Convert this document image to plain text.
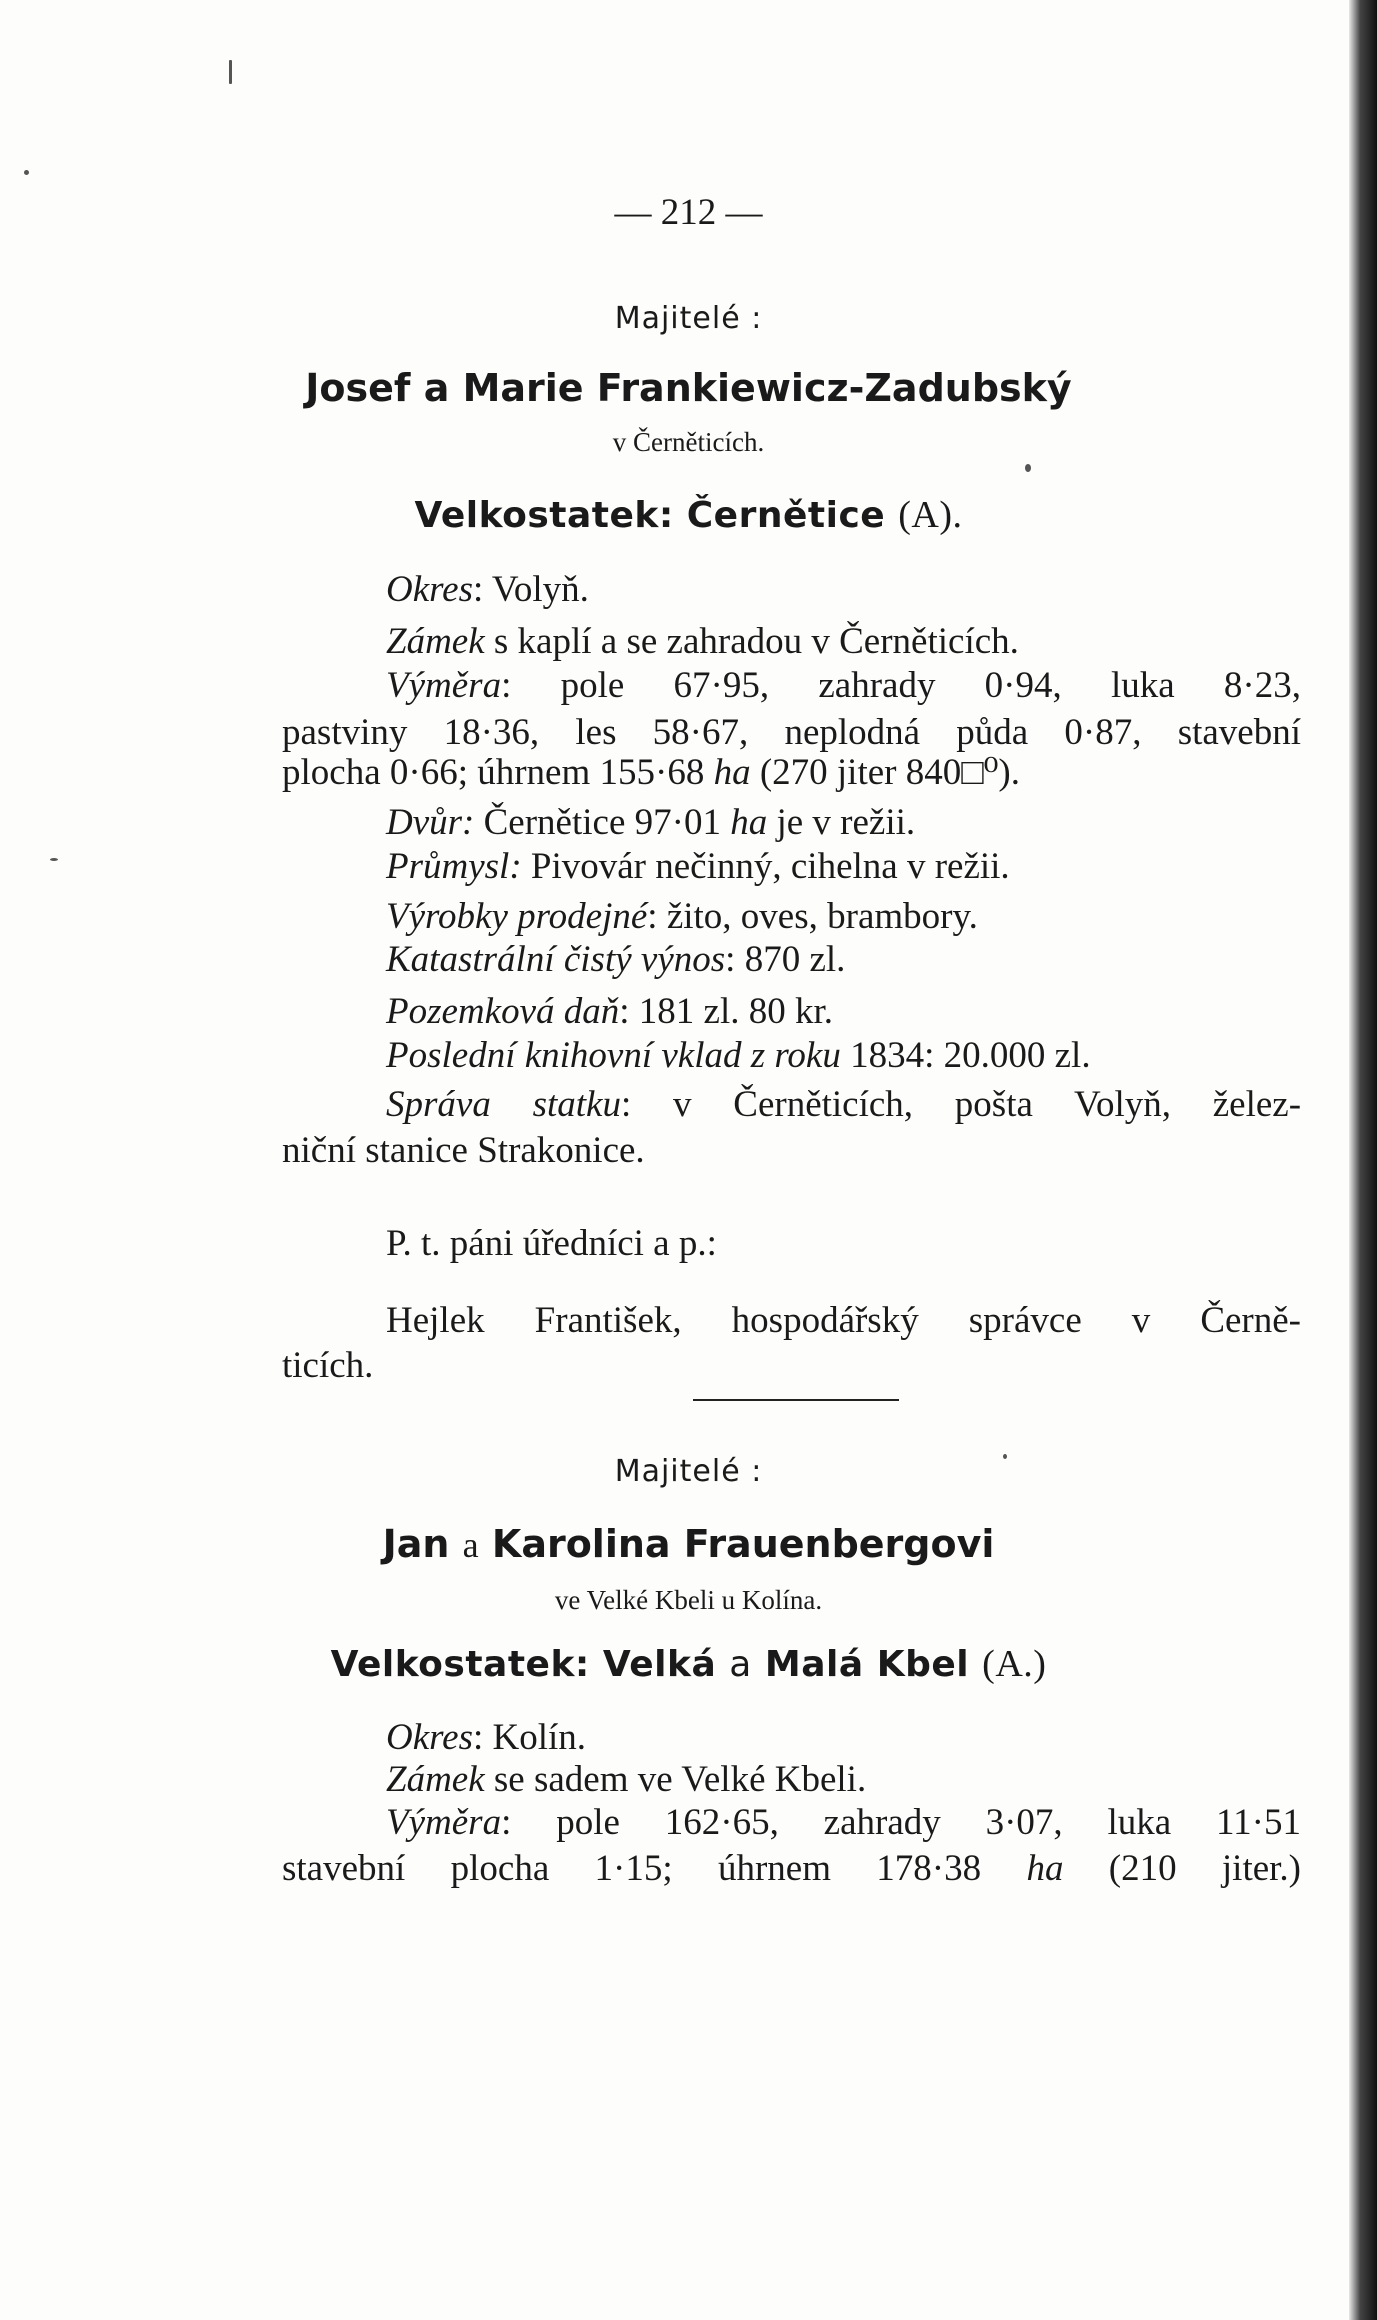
— 212 —
Majitelé :
Josef a Marie Frankiewicz-Zadubský
v Černěticích.
Velkostatek: Černětice (A).
Okres: Volyň.
Zámek s kaplí a se zahradou v Černěticích.
Výměra: pole 67·95, zahrady 0·94, luka 8·23,
pastviny 18·36, les 58·67, neplodná půda 0·87, stavební
plocha 0·66; úhrnem 155·68 ha (270 jiter 840□⁰).
Dvůr: Černětice 97·01 ha je v režii.
Průmysl: Pivovár nečinný, cihelna v režii.
Výrobky prodejné: žito, oves, brambory.
Katastrální čistý výnos: 870 zl.
Pozemková daň: 181 zl. 80 kr.
Poslední knihovní vklad z roku 1834: 20.000 zl.
Správa statku: v Černěticích, pošta Volyň, želez-
niční stanice Strakonice.
P. t. páni úředníci a p.:
Hejlek František, hospodářský správce v Černě-
ticích.
Majitelé :
Jan a Karolina Frauenbergovi
ve Velké Kbeli u Kolína.
Velkostatek: Velká a Malá Kbel (A.)
Okres: Kolín.
Zámek se sadem ve Velké Kbeli.
Výměra: pole 162·65, zahrady 3·07, luka 11·51
stavební plocha 1·15; úhrnem 178·38 ha (210 jiter.)
